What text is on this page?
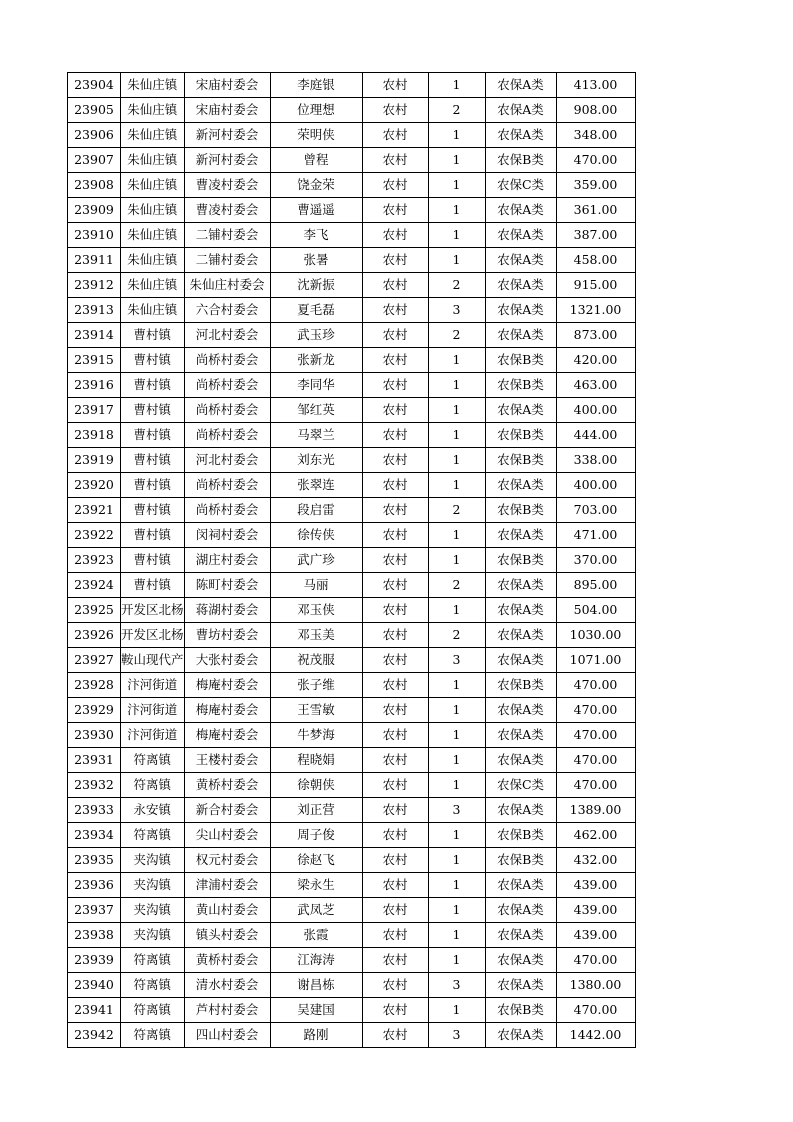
23904	朱仙庄镇	宋庙村委会	李庭银	农村	1	农保A类	413.00
23905	朱仙庄镇	宋庙村委会	位理想	农村	2	农保A类	908.00
23906	朱仙庄镇	新河村委会	荣明侠	农村	1	农保A类	348.00
23907	朱仙庄镇	新河村委会	曾程	农村	1	农保B类	470.00
23908	朱仙庄镇	曹凌村委会	饶金荣	农村	1	农保C类	359.00
23909	朱仙庄镇	曹凌村委会	曹遥遥	农村	1	农保A类	361.00
23910	朱仙庄镇	二铺村委会	李飞	农村	1	农保A类	387.00
23911	朱仙庄镇	二铺村委会	张暑	农村	1	农保A类	458.00
23912	朱仙庄镇	朱仙庄村委会	沈新振	农村	2	农保A类	915.00
23913	朱仙庄镇	六合村委会	夏毛磊	农村	3	农保A类	1321.00
23914	曹村镇	河北村委会	武玉珍	农村	2	农保A类	873.00
23915	曹村镇	尚桥村委会	张新龙	农村	1	农保B类	420.00
23916	曹村镇	尚桥村委会	李同华	农村	1	农保B类	463.00
23917	曹村镇	尚桥村委会	邹红英	农村	1	农保A类	400.00
23918	曹村镇	尚桥村委会	马翠兰	农村	1	农保B类	444.00
23919	曹村镇	河北村委会	刘东光	农村	1	农保B类	338.00
23920	曹村镇	尚桥村委会	张翠连	农村	1	农保A类	400.00
23921	曹村镇	尚桥村委会	段启雷	农村	2	农保B类	703.00
23922	曹村镇	闵祠村委会	徐传侠	农村	1	农保A类	471.00
23923	曹村镇	湖庄村委会	武广珍	农村	1	农保B类	370.00
23924	曹村镇	陈町村委会	马丽	农村	2	农保A类	895.00
23925	开发区北杨	蒋湖村委会	邓玉侠	农村	1	农保A类	504.00
23926	开发区北杨	曹坊村委会	邓玉美	农村	2	农保A类	1030.00
23927	鞍山现代产	大张村委会	祝茂服	农村	3	农保A类	1071.00
23928	汴河街道	梅庵村委会	张子维	农村	1	农保B类	470.00
23929	汴河街道	梅庵村委会	王雪敏	农村	1	农保A类	470.00
23930	汴河街道	梅庵村委会	牛梦海	农村	1	农保A类	470.00
23931	符离镇	王楼村委会	程晓娟	农村	1	农保A类	470.00
23932	符离镇	黄桥村委会	徐朝侠	农村	1	农保C类	470.00
23933	永安镇	新合村委会	刘正营	农村	3	农保A类	1389.00
23934	符离镇	尖山村委会	周子俊	农村	1	农保B类	462.00
23935	夹沟镇	权元村委会	徐赵飞	农村	1	农保B类	432.00
23936	夹沟镇	津浦村委会	梁永生	农村	1	农保A类	439.00
23937	夹沟镇	黄山村委会	武凤芝	农村	1	农保A类	439.00
23938	夹沟镇	镇头村委会	张霞	农村	1	农保A类	439.00
23939	符离镇	黄桥村委会	江海涛	农村	1	农保A类	470.00
23940	符离镇	清水村委会	谢昌栋	农村	3	农保A类	1380.00
23941	符离镇	芦村村委会	吴建国	农村	1	农保B类	470.00
23942	符离镇	四山村委会	路刚	农村	3	农保A类	1442.00
